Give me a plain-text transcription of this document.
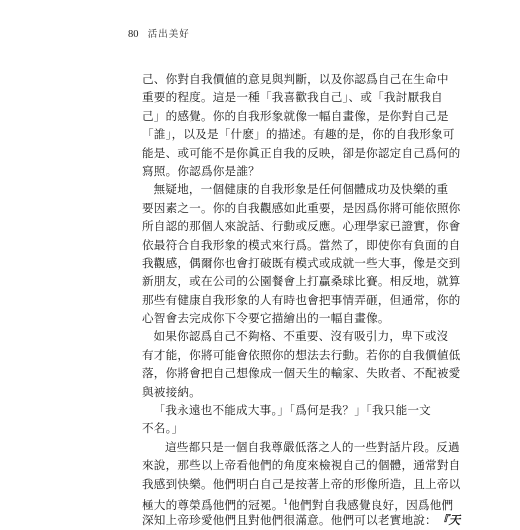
80 活出美好
己、你對自我價値的意見與判斷，以及你認爲自己在生命中
重要的程度。這是一種「我喜歡我自己」、或「我討厭我自
己」的感覺。你的自我形象就像一幅自畫像，是你對自己是
「誰」，以及是「什麽」的描述。有趣的是，你的自我形象可
能是、或可能不是你眞正自我的反映，卻是你認定自己爲何的
寫照。你認爲你是誰？
無疑地，一個健康的自我形象是任何個體成功及快樂的重
要因素之一。你的自我觀感如此重要，是因爲你將可能依照你
所自認的那個人來說話、行動或反應。心理學家已證實，你會
依最符合自我形象的模式來行爲。當然了，即使你有負面的自
我觀感，偶爾你也會打破既有模式或成就一些大事，像是交到
新朋友，或在公司的公園餐會上打贏桑球比賽。相反地，就算
那些有健康自我形象的人有時也會把事情弄砸，但通常，你的
心智會去完成你下令要它描繪出的一幅自畫像。
如果你認爲自己不夠格、不重要、沒有吸引力，卑下或沒
有才能，你將可能會依照你的想法去行動。若你的自我價値低
落，你將會把自己想像成一個天生的輸家、失敗者、不配被愛
與被接納。
「我永遠也不能成大事。」「爲何是我？」「我只能一文
不名。」
這些都只是一個自我尊嚴低落之人的一些對話片段。反過
來說，那些以上帝看他們的角度來檢視自己的個體，通常對自
我感到快樂。他們明白自己是按著上帝的形像所造，且上帝以
極大的尊榮爲他們的冠冕。$^1$他們對自我感覺良好，因爲他們
深知上帝珍愛他們且對他們很滿意。他們可以老實地說：『天
